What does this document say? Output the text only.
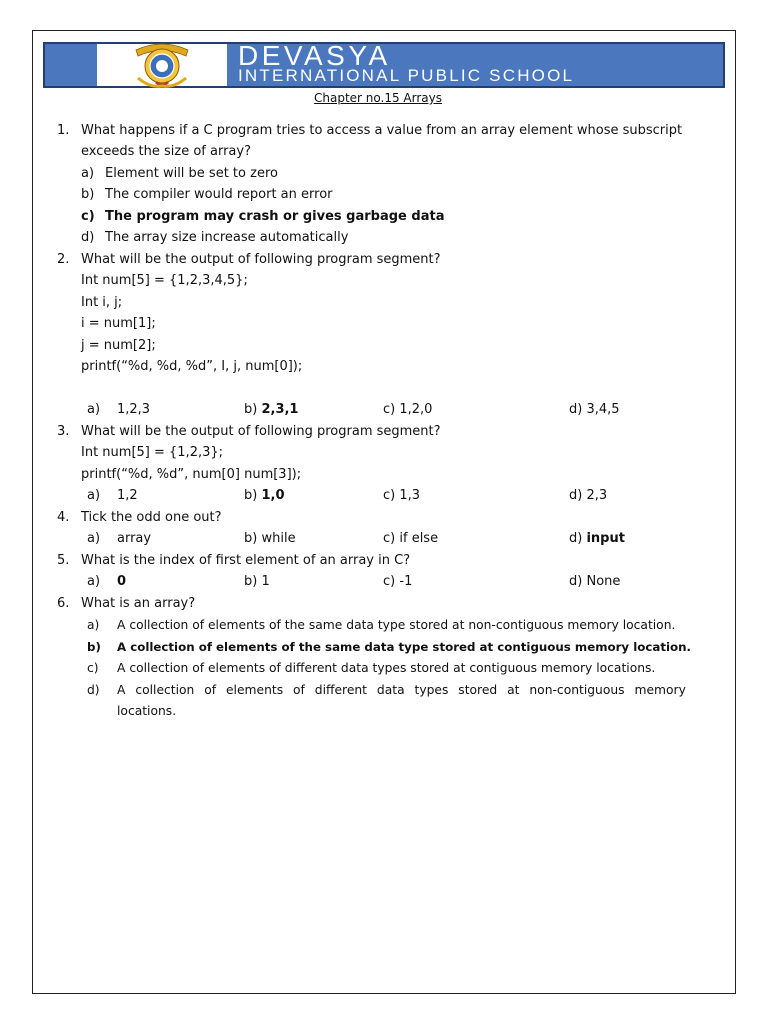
DEVASYA
INTERNATIONAL PUBLIC SCHOOL
Chapter no.15 Arrays
1. What happens if a C program tries to access a value from an array element whose subscript
exceeds the size of array?
a) Element will be set to zero
b) The compiler would report an error
c) The program may crash or gives garbage data
d) The array size increase automatically
2. What will be the output of following program segment?
Int num[5] = {1,2,3,4,5};
Int i, j;
i = num[1];
j = num[2];
printf(“%d, %d, %d”, I, j, num[0]);
a) 1,2,3	b) 2,3,1	c) 1,2,0	d) 3,4,5
3. What will be the output of following program segment?
Int num[5] = {1,2,3};
printf(“%d, %d”, num[0] num[3]);
a) 1,2	b) 1,0	c) 1,3	d) 2,3
4. Tick the odd one out?
a) array	b) while	c) if else	d) input
5. What is the index of first element of an array in C?
a) 0	b) 1	c) -1	d) None
6. What is an array?
a) A collection of elements of the same data type stored at non-contiguous memory location.
b) A collection of elements of the same data type stored at contiguous memory location.
c) A collection of elements of different data types stored at contiguous memory locations.
d) A collection of elements of different data types stored at non-contiguous memory
locations.
